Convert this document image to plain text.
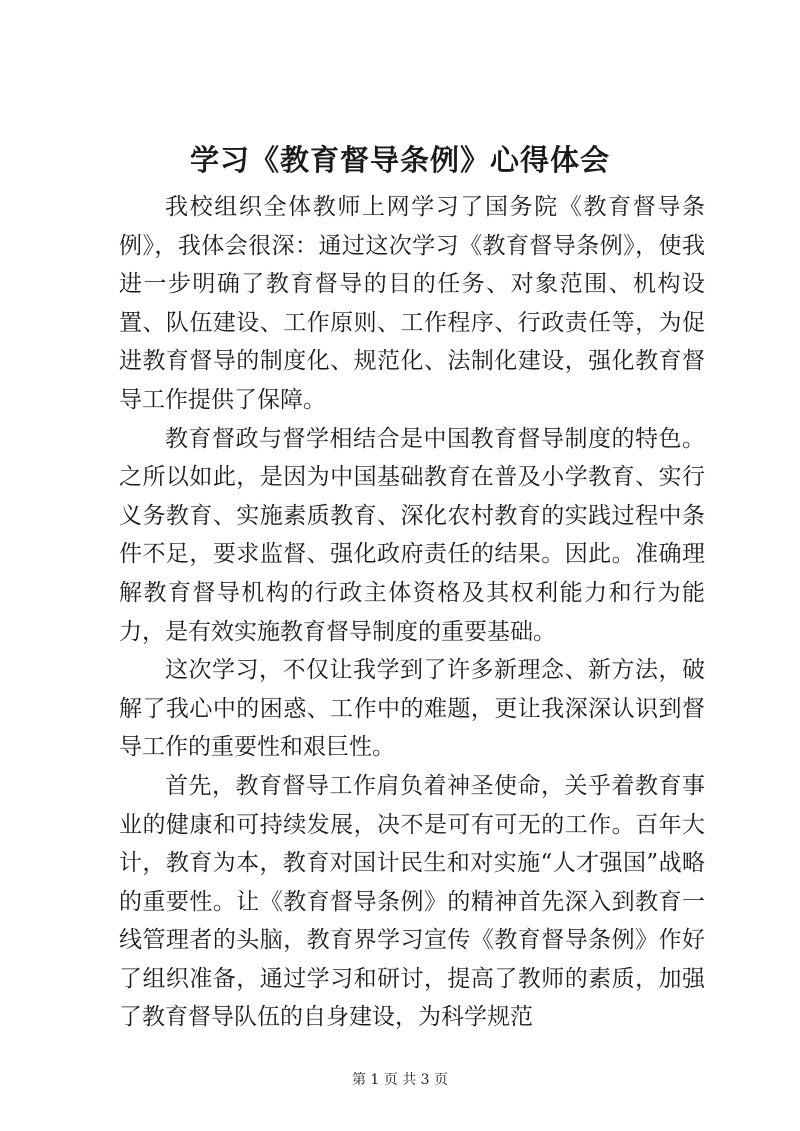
学习《教育督导条例》心得体会

我校组织全体教师上网学习了国务院《教育督导条例》，我体会很深：通过这次学习《教育督导条例》，使我进一步明确了教育督导的目的任务、对象范围、机构设置、队伍建设、工作原则、工作程序、行政责任等，为促进教育督导的制度化、规范化、法制化建设，强化教育督导工作提供了保障。

教育督政与督学相结合是中国教育督导制度的特色。之所以如此，是因为中国基础教育在普及小学教育、实行义务教育、实施素质教育、深化农村教育的实践过程中条件不足，要求监督、强化政府责任的结果。因此。准确理解教育督导机构的行政主体资格及其权利能力和行为能力，是有效实施教育督导制度的重要基础。

这次学习，不仅让我学到了许多新理念、新方法，破解了我心中的困惑、工作中的难题，更让我深深认识到督导工作的重要性和艰巨性。

首先，教育督导工作肩负着神圣使命，关乎着教育事业的健康和可持续发展，决不是可有可无的工作。百年大计，教育为本，教育对国计民生和对实施“人才强国”战略的重要性。让《教育督导条例》的精神首先深入到教育一线管理者的头脑，教育界学习宣传《教育督导条例》作好了组织准备，通过学习和研讨，提高了教师的素质，加强了教育督导队伍的自身建设，为科学规范

第 1 页 共 3 页
